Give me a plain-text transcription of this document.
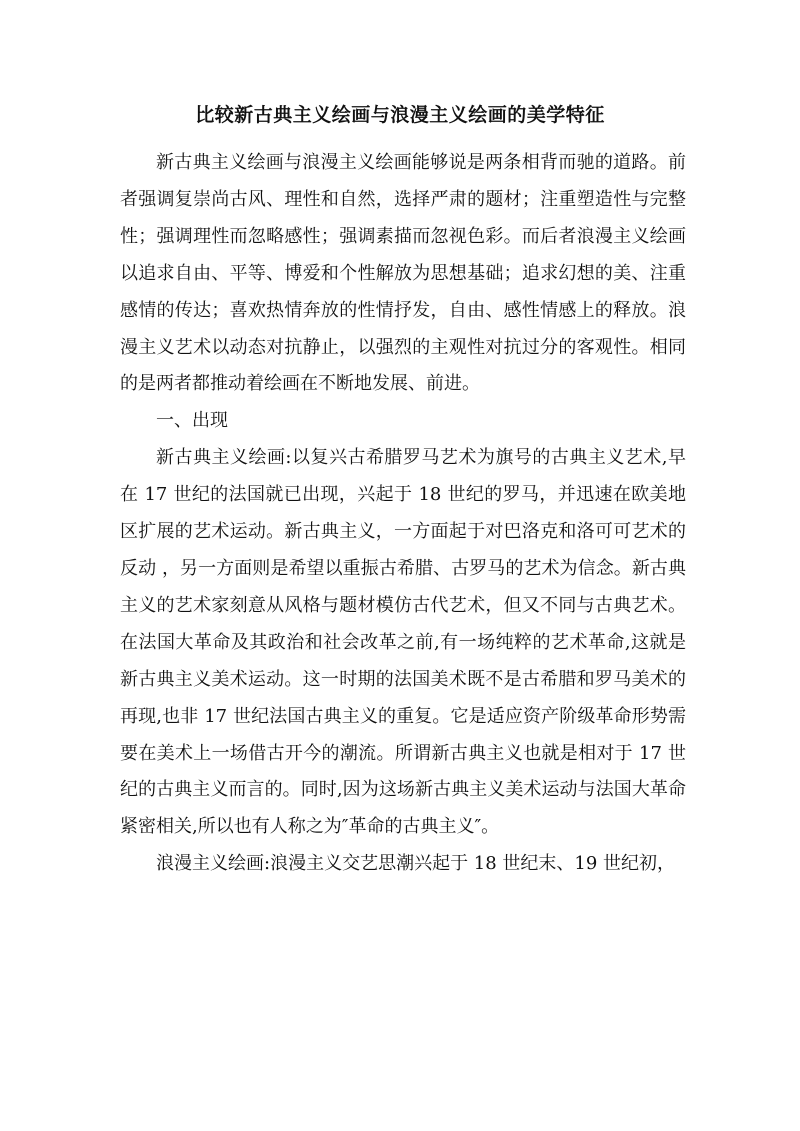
比较新古典主义绘画与浪漫主义绘画的美学特征

新古典主义绘画与浪漫主义绘画能够说是两条相背而驰的道路。前者强调复崇尚古风、理性和自然，选择严肃的题材；注重塑造性与完整性；强调理性而忽略感性；强调素描而忽视色彩。而后者浪漫主义绘画以追求自由、平等、博爱和个性解放为思想基础；追求幻想的美、注重感情的传达；喜欢热情奔放的性情抒发，自由、感性情感上的释放。浪漫主义艺术以动态对抗静止，以强烈的主观性对抗过分的客观性。相同的是两者都推动着绘画在不断地发展、前进。

一、出现

新古典主义绘画:以复兴古希腊罗马艺术为旗号的古典主义艺术,早在 17 世纪的法国就已出现，兴起于 18 世纪的罗马，并迅速在欧美地区扩展的艺术运动。新古典主义，一方面起于对巴洛克和洛可可艺术的反动 ，另一方面则是希望以重振古希腊、古罗马的艺术为信念。新古典主义的艺术家刻意从风格与题材模仿古代艺术，但又不同与古典艺术。在法国大革命及其政治和社会改革之前,有一场纯粹的艺术革命,这就是新古典主义美术运动。这一时期的法国美术既不是古希腊和罗马美术的再现,也非 17 世纪法国古典主义的重复。它是适应资产阶级革命形势需要在美术上一场借古开今的潮流。所谓新古典主义也就是相对于 17 世纪的古典主义而言的。同时,因为这场新古典主义美术运动与法国大革命紧密相关,所以也有人称之为″革命的古典主义″。

浪漫主义绘画:浪漫主义交艺思潮兴起于 18 世纪末、19 世纪初，
